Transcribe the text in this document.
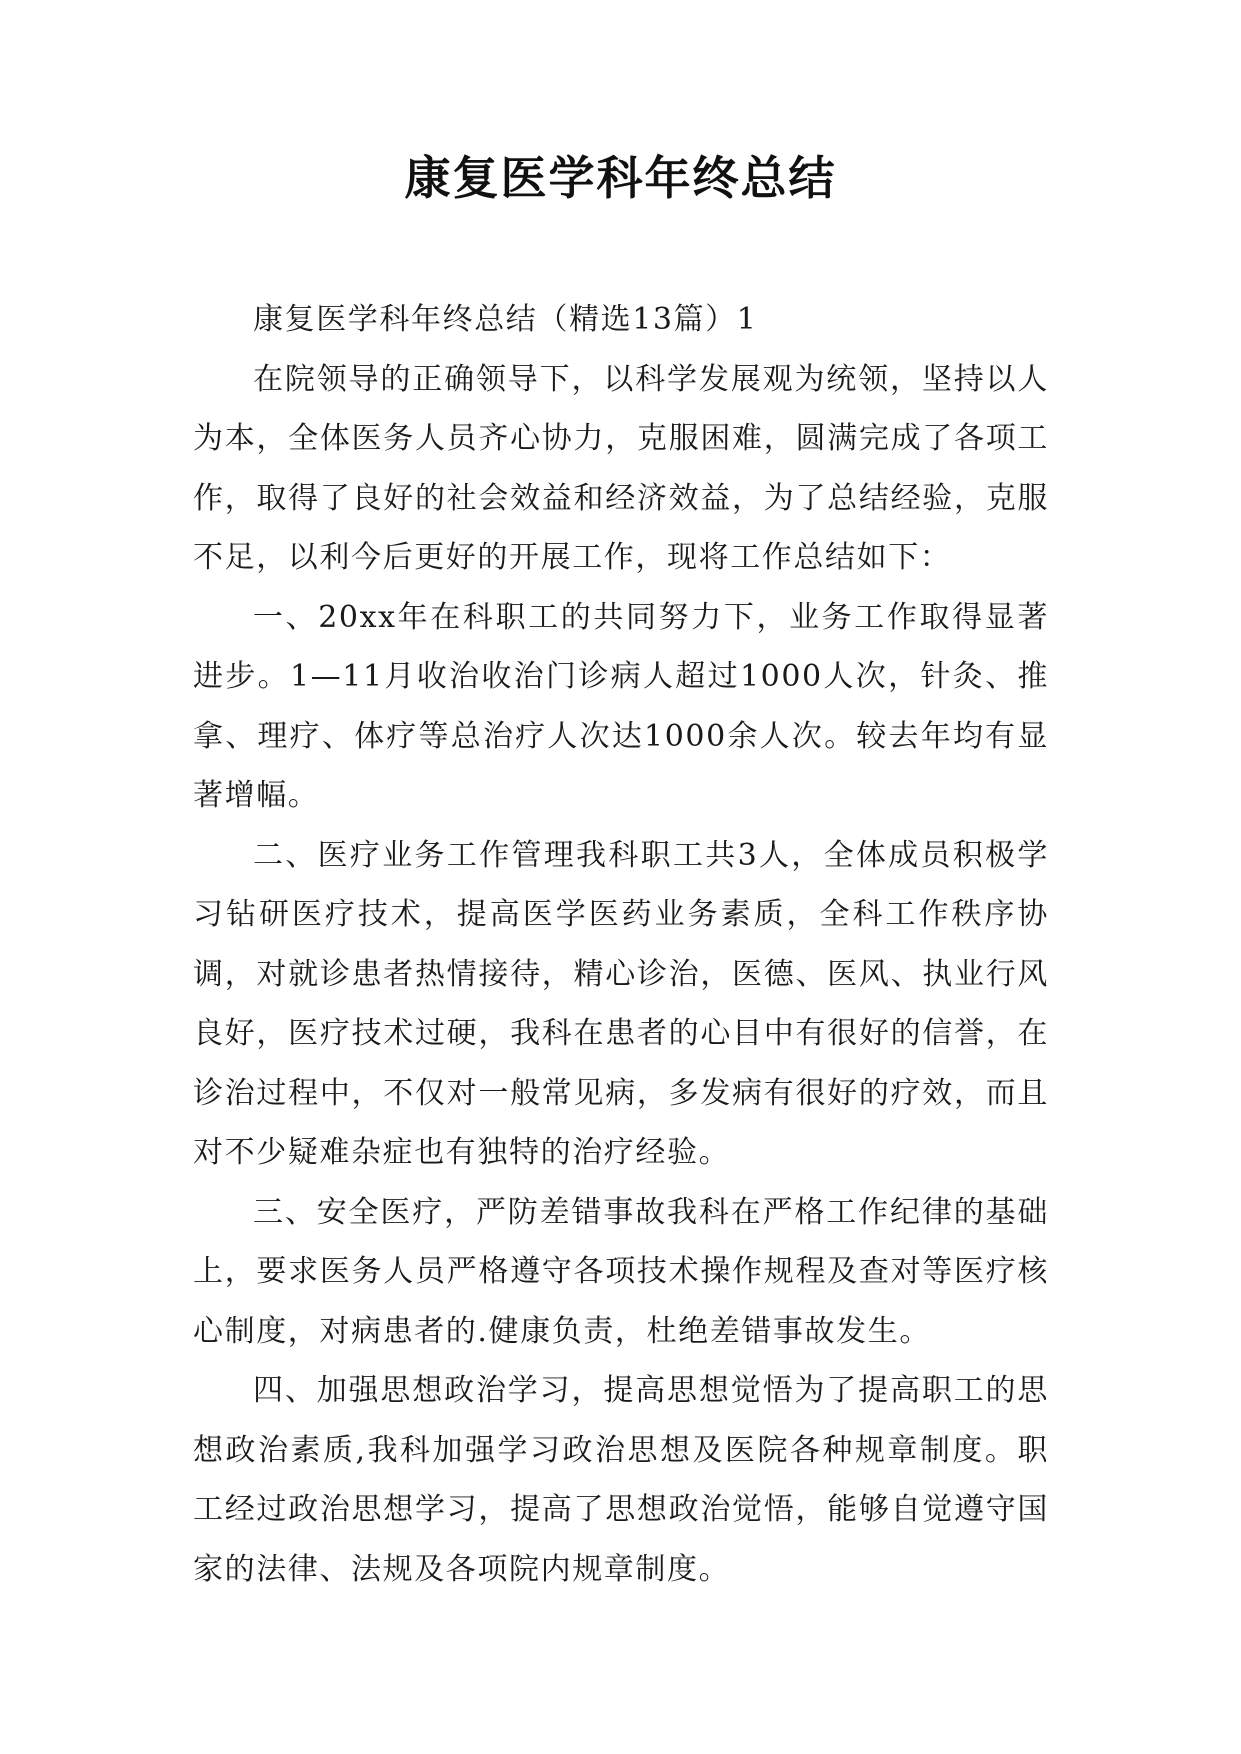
康复医学科年终总结

康复医学科年终总结（精选13篇）1

在院领导的正确领导下，以科学发展观为统领，坚持以人为本，全体医务人员齐心协力，克服困难，圆满完成了各项工作，取得了良好的社会效益和经济效益，为了总结经验，克服不足，以利今后更好的开展工作，现将工作总结如下：

一、20xx年在科职工的共同努力下，业务工作取得显著进步。1—11月收治收治门诊病人超过1000人次，针灸、推拿、理疗、体疗等总治疗人次达1000余人次。较去年均有显著增幅。

二、医疗业务工作管理我科职工共3人，全体成员积极学习钻研医疗技术，提高医学医药业务素质，全科工作秩序协调，对就诊患者热情接待，精心诊治，医德、医风、执业行风良好，医疗技术过硬，我科在患者的心目中有很好的信誉，在诊治过程中，不仅对一般常见病，多发病有很好的疗效，而且对不少疑难杂症也有独特的治疗经验。

三、安全医疗，严防差错事故我科在严格工作纪律的基础上，要求医务人员严格遵守各项技术操作规程及查对等医疗核心制度，对病患者的.健康负责，杜绝差错事故发生。

四、加强思想政治学习，提高思想觉悟为了提高职工的思想政治素质,我科加强学习政治思想及医院各种规章制度。职工经过政治思想学习，提高了思想政治觉悟，能够自觉遵守国家的法律、法规及各项院内规章制度。
